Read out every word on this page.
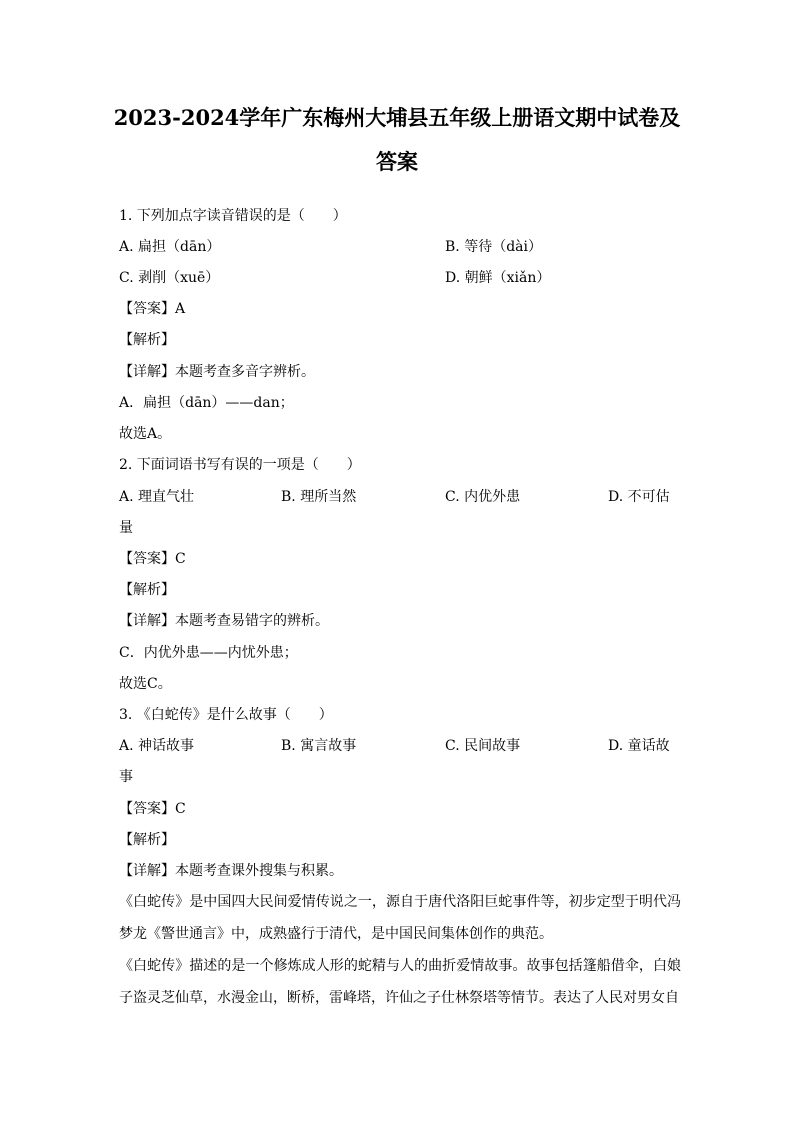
2023-2024学年广东梅州大埔县五年级上册语文期中试卷及
答案
1. 下列加点字读音错误的是（　　）
A. 扁担（dān）	B. 等待（dài）
C. 剥削（xuē）	D. 朝鲜（xiǎn）
【答案】A
【解析】
【详解】本题考查多音字辨析。
A．扁担（dān）——dan；
故选A。
2. 下面词语书写有误的一项是（　　）
A. 理直气壮	B. 理所当然	C. 内优外患	D. 不可估
量
【答案】C
【解析】
【详解】本题考查易错字的辨析。
C．内优外患——内忧外患；
故选C。
3. 《白蛇传》是什么故事（　　）
A. 神话故事	B. 寓言故事	C. 民间故事	D. 童话故
事
【答案】C
【解析】
【详解】本题考查课外搜集与积累。
《白蛇传》是中国四大民间爱情传说之一，源自于唐代洛阳巨蛇事件等，初步定型于明代冯梦龙《警世通言》中，成熟盛行于清代，是中国民间集体创作的典范。
《白蛇传》描述的是一个修炼成人形的蛇精与人的曲折爱情故事。故事包括篷船借伞，白娘子盗灵芝仙草，水漫金山，断桥，雷峰塔，许仙之子仕林祭塔等情节。表达了人民对男女自
